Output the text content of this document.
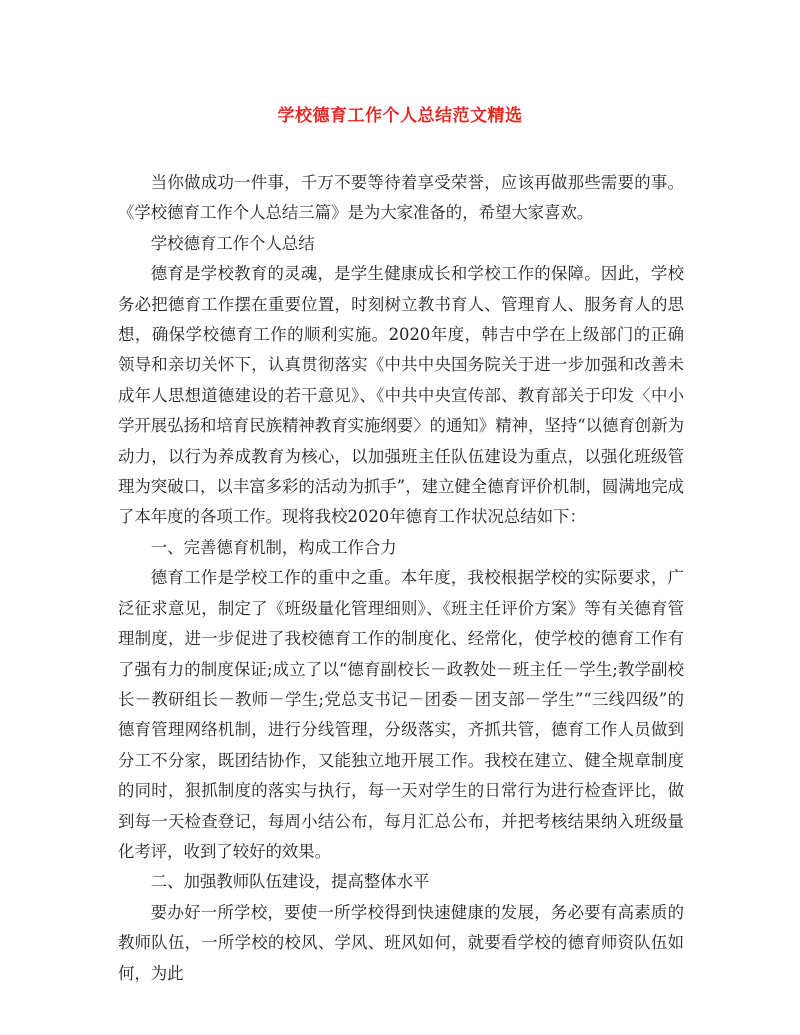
学校德育工作个人总结范文精选

当你做成功一件事，千万不要等待着享受荣誉，应该再做那些需要的事。《学校德育工作个人总结三篇》是为大家准备的，希望大家喜欢。

学校德育工作个人总结

德育是学校教育的灵魂，是学生健康成长和学校工作的保障。因此，学校务必把德育工作摆在重要位置，时刻树立教书育人、管理育人、服务育人的思想，确保学校德育工作的顺利实施。2020年度，韩吉中学在上级部门的正确领导和亲切关怀下，认真贯彻落实《中共中央国务院关于进一步加强和改善未成年人思想道德建设的若干意见》、《中共中央宣传部、教育部关于印发〈中小学开展弘扬和培育民族精神教育实施纲要〉的通知》精神，坚持“以德育创新为动力，以行为养成教育为核心，以加强班主任队伍建设为重点，以强化班级管理为突破口，以丰富多彩的活动为抓手”，建立健全德育评价机制，圆满地完成了本年度的各项工作。现将我校2020年德育工作状况总结如下：

一、完善德育机制，构成工作合力

德育工作是学校工作的重中之重。本年度，我校根据学校的实际要求，广泛征求意见，制定了《班级量化管理细则》、《班主任评价方案》等有关德育管理制度，进一步促进了我校德育工作的制度化、经常化，使学校的德育工作有了强有力的制度保证;成立了以“德育副校长－政教处－班主任－学生;教学副校长－教研组长－教师－学生;党总支书记－团委－团支部－学生”“三线四级”的德育管理网络机制，进行分线管理，分级落实，齐抓共管，德育工作人员做到分工不分家，既团结协作，又能独立地开展工作。我校在建立、健全规章制度的同时，狠抓制度的落实与执行，每一天对学生的日常行为进行检查评比，做到每一天检查登记，每周小结公布，每月汇总公布，并把考核结果纳入班级量化考评，收到了较好的效果。

二、加强教师队伍建设，提高整体水平

要办好一所学校，要使一所学校得到快速健康的发展，务必要有高素质的教师队伍，一所学校的校风、学风、班风如何，就要看学校的德育师资队伍如何，为此
